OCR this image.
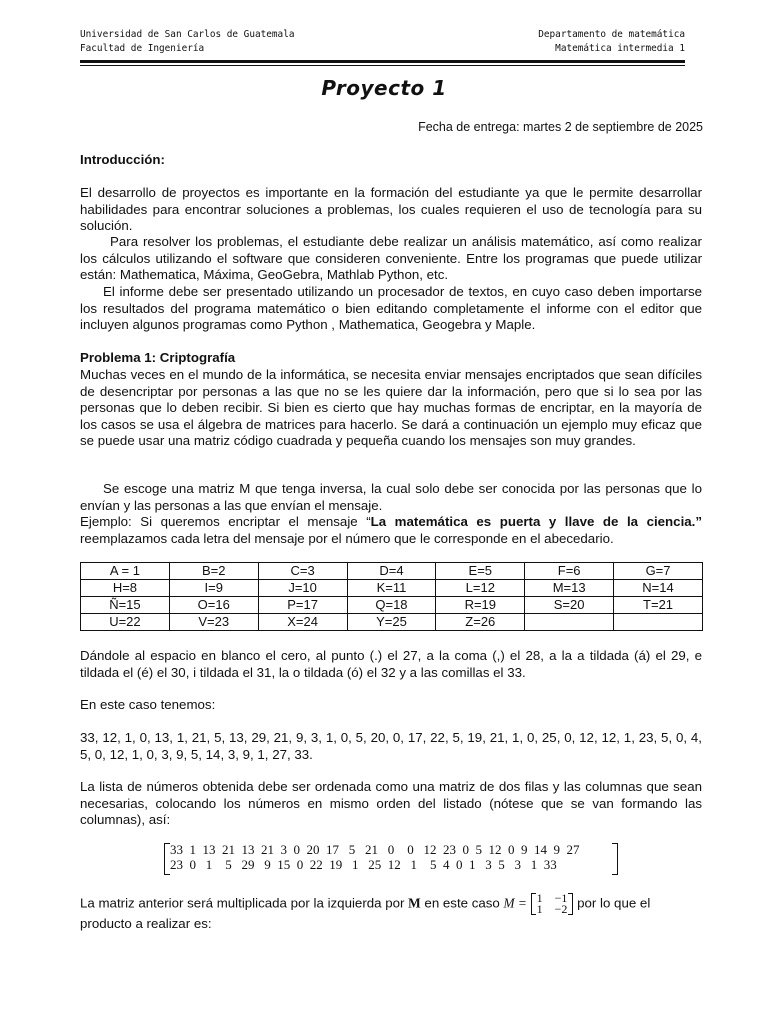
Universidad de San Carlos de Guatemala
Facultad de Ingeniería
Departamento de matemática
Matemática intermedia 1
Proyecto 1
Fecha de entrega: martes 2 de septiembre de 2025
Introducción:
El desarrollo de proyectos es importante en la formación del estudiante ya que le permite desarrollar habilidades para encontrar soluciones a problemas, los cuales requieren el uso de tecnología para su solución.
Para resolver los problemas, el estudiante debe realizar un análisis matemático, así como realizar los cálculos utilizando el software que consideren conveniente. Entre los programas que puede utilizar están: Mathematica, Máxima, GeoGebra, Mathlab Python, etc.
El informe debe ser presentado utilizando un procesador de textos, en cuyo caso deben importarse los resultados del programa matemático o bien editando completamente el informe con el editor que incluyen algunos programas como Python , Mathematica, Geogebra y Maple.
Problema 1: Criptografía
Muchas veces en el mundo de la informática, se necesita enviar mensajes encriptados que sean difíciles de desencriptar por personas a las que no se les quiere dar la información, pero que si lo sea por las personas que lo deben recibir. Si bien es cierto que hay muchas formas de encriptar, en la mayoría de los casos se usa el álgebra de matrices para hacerlo. Se dará a continuación un ejemplo muy eficaz que se puede usar una matriz código cuadrada y pequeña cuando los mensajes son muy grandes.
Se escoge una matriz M que tenga inversa, la cual solo debe ser conocida por las personas que lo envían y las personas a las que envían el mensaje.
Ejemplo: Si queremos encriptar el mensaje “La matemática es puerta y llave de la ciencia.” reemplazamos cada letra del mensaje por el número que le corresponde en el abecedario.
A = 1	B=2	C=3	D=4	E=5	F=6	G=7
H=8	I=9	J=10	K=11	L=12	M=13	N=14
Ñ=15	O=16	P=17	Q=18	R=19	S=20	T=21
U=22	V=23	X=24	Y=25	Z=26		
Dándole al espacio en blanco el cero, al punto (.) el 27, a la coma (,) el 28, a la a tildada (á) el 29, e tildada el (é) el 30, i tildada el 31, la o tildada (ó) el 32 y a las comillas el 33.
En este caso tenemos:
33, 12, 1, 0, 13, 1, 21, 5, 13, 29, 21, 9, 3, 1, 0, 5, 20, 0, 17, 22, 5, 19, 21, 1, 0, 25, 0, 12, 12, 1, 23, 5, 0, 4, 5, 0, 12, 1, 0, 3, 9, 5, 14, 3, 9, 1, 27, 33.
La lista de números obtenida debe ser ordenada como una matriz de dos filas y las columnas que sean necesarias, colocando los números en mismo orden del listado (nótese que se van formando las columnas), así:
33  1  13  21  13  21  3  0  20  17   5   21   0    0   12  23  0  5  12  0  9  14  9  27
23  0   1    5   29   9  15  0  22  19   1   25  12   1    5  4  0  1   3  5   3   1  33
La matriz anterior será multiplicada por la izquierda por M en este caso M = 1    −1
1    −2 por lo que el
producto a realizar es:
